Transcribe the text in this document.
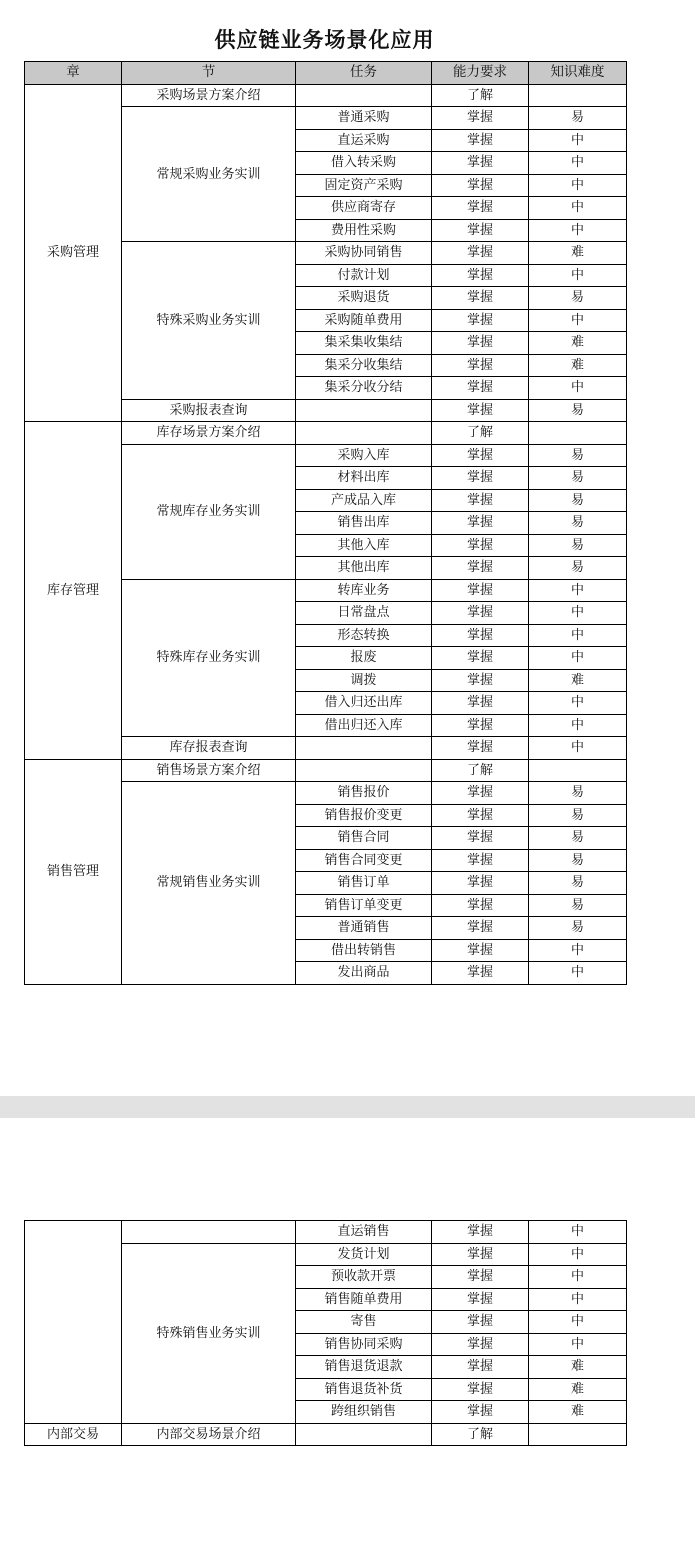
供应链业务场景化应用
章	节	任务	能力要求	知识难度
采购管理	采购场景方案介绍		了解	
	常规采购业务实训	普通采购	掌握	易
		直运采购	掌握	中
		借入转采购	掌握	中
		固定资产采购	掌握	中
		供应商寄存	掌握	中
		费用性采购	掌握	中
	特殊采购业务实训	采购协同销售	掌握	难
		付款计划	掌握	中
		采购退货	掌握	易
		采购随单费用	掌握	中
		集采集收集结	掌握	难
		集采分收集结	掌握	难
		集采分收分结	掌握	中
	采购报表查询		掌握	易
库存管理	库存场景方案介绍		了解	
	常规库存业务实训	采购入库	掌握	易
		材料出库	掌握	易
		产成品入库	掌握	易
		销售出库	掌握	易
		其他入库	掌握	易
		其他出库	掌握	易
	特殊库存业务实训	转库业务	掌握	中
		日常盘点	掌握	中
		形态转换	掌握	中
		报废	掌握	中
		调拨	掌握	难
		借入归还出库	掌握	中
		借出归还入库	掌握	中
	库存报表查询		掌握	中
销售管理	销售场景方案介绍		了解	
	常规销售业务实训	销售报价	掌握	易
		销售报价变更	掌握	易
		销售合同	掌握	易
		销售合同变更	掌握	易
		销售订单	掌握	易
		销售订单变更	掌握	易
		普通销售	掌握	易
		借出转销售	掌握	中
		发出商品	掌握	中
		直运销售	掌握	中
	特殊销售业务实训	发货计划	掌握	中
		预收款开票	掌握	中
		销售随单费用	掌握	中
		寄售	掌握	中
		销售协同采购	掌握	中
		销售退货退款	掌握	难
		销售退货补货	掌握	难
		跨组织销售	掌握	难
内部交易	内部交易场景介绍		了解	
